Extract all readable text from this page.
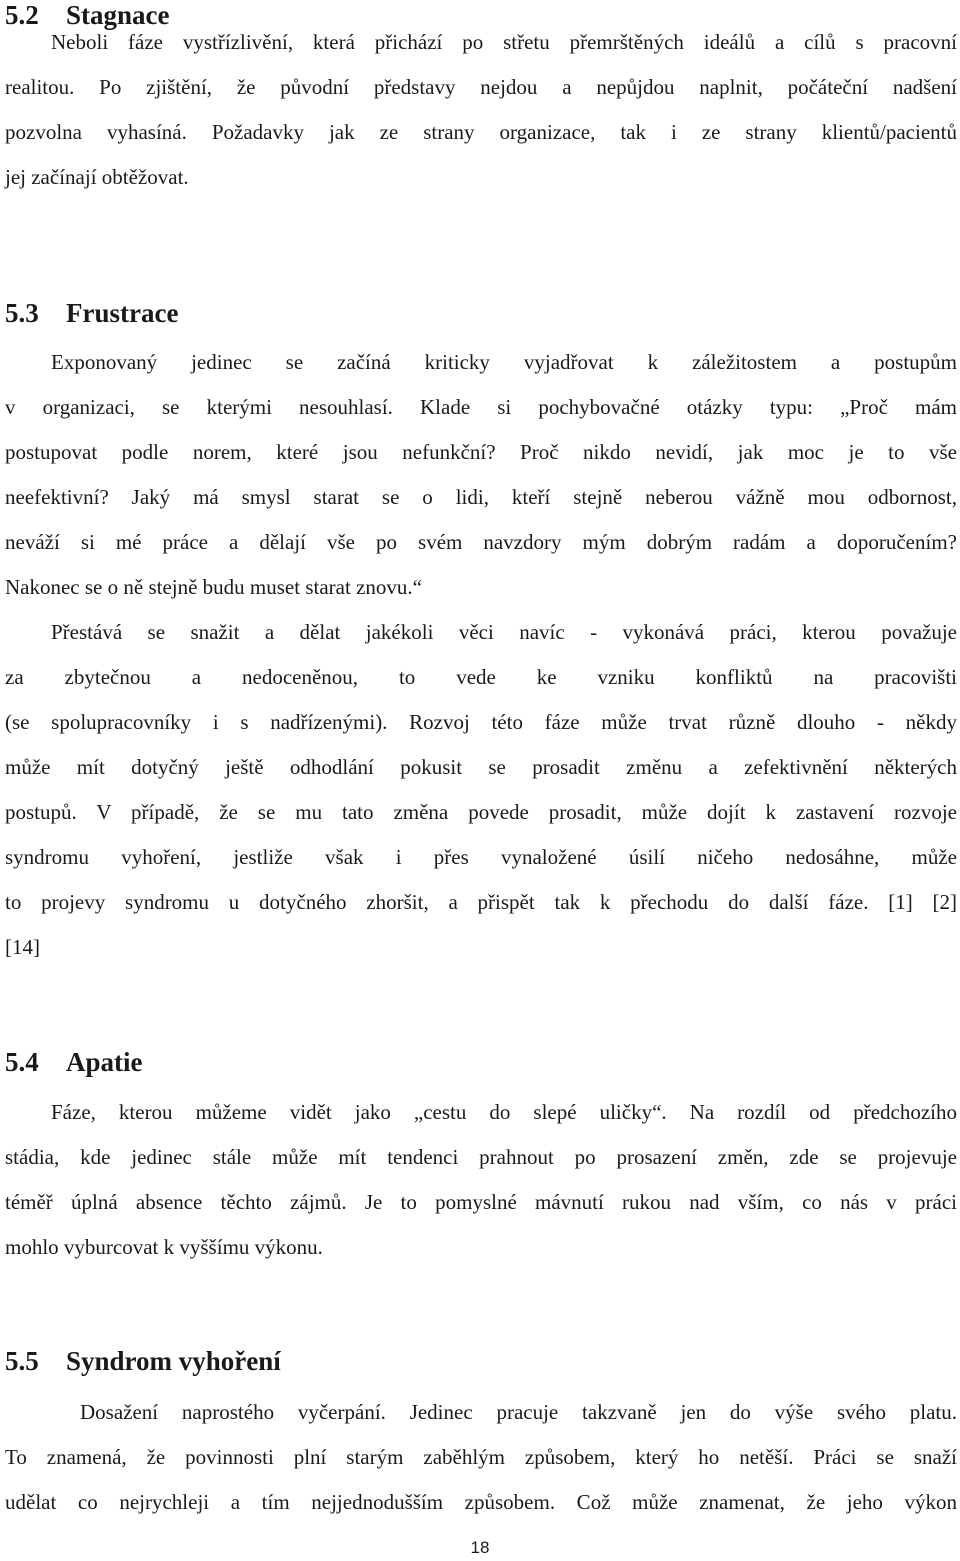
5.2 Stagnace
Neboli fáze vystřízlivění, která přichází po střetu přemrštěných ideálů a cílů s pracovní
realitou. Po zjištění, že původní představy nejdou a nepůjdou naplnit, počáteční nadšení
pozvolna vyhasíná. Požadavky jak ze strany organizace, tak i ze strany klientů/pacientů
jej začínají obtěžovat.
5.3 Frustrace
Exponovaný jedinec se začíná kriticky vyjadřovat k záležitostem a postupům
v organizaci, se kterými nesouhlasí. Klade si pochybovačné otázky typu: „Proč mám
postupovat podle norem, které jsou nefunkční? Proč nikdo nevidí, jak moc je to vše
neefektivní? Jaký má smysl starat se o lidi, kteří stejně neberou vážně mou odbornost,
neváží si mé práce a dělají vše po svém navzdory mým dobrým radám a doporučením?
Nakonec se o ně stejně budu muset starat znovu.“
Přestává se snažit a dělat jakékoli věci navíc - vykonává práci, kterou považuje
za zbytečnou a nedoceněnou, to vede ke vzniku konfliktů na pracovišti
(se spolupracovníky i s nadřízenými). Rozvoj této fáze může trvat různě dlouho - někdy
může mít dotyčný ještě odhodlání pokusit se prosadit změnu a zefektivnění některých
postupů. V případě, že se mu tato změna povede prosadit, může dojít k zastavení rozvoje
syndromu vyhoření, jestliže však i přes vynaložené úsilí ničeho nedosáhne, může
to projevy syndromu u dotyčného zhoršit, a přispět tak k přechodu do další fáze. [1] [2]
[14]
5.4 Apatie
Fáze, kterou můžeme vidět jako „cestu do slepé uličky“. Na rozdíl od předchozího
stádia, kde jedinec stále může mít tendenci prahnout po prosazení změn, zde se projevuje
téměř úplná absence těchto zájmů. Je to pomyslné mávnutí rukou nad vším, co nás v práci
mohlo vyburcovat k vyššímu výkonu.
5.5 Syndrom vyhoření
Dosažení naprostého vyčerpání. Jedinec pracuje takzvaně jen do výše svého platu.
To znamená, že povinnosti plní starým zaběhlým způsobem, který ho netěší. Práci se snaží
udělat co nejrychleji a tím nejjednodušším způsobem. Což může znamenat, že jeho výkon
18
